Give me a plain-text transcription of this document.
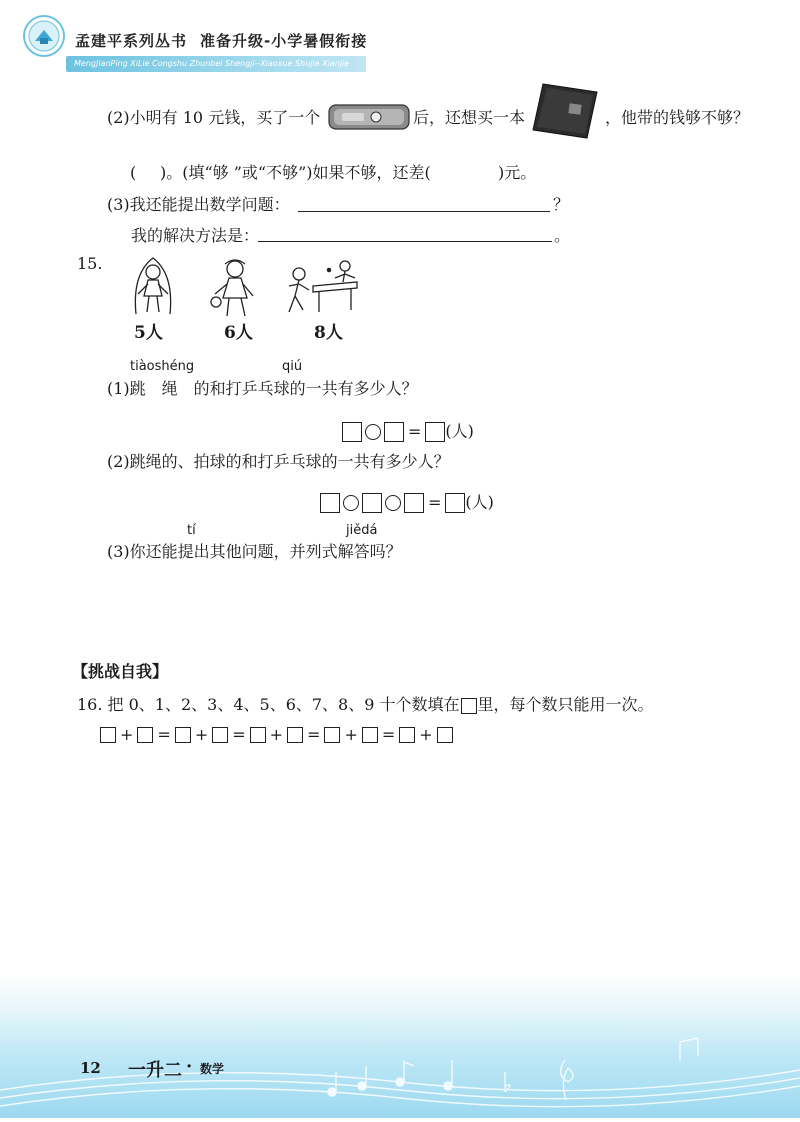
孟建平系列丛书 准备升级-小学暑假衔接
MengJianPing XiLie Congshu Zhunbei Shengji--Xiaoxue Shujia Xianjie
(2)小明有 10 元钱，买了一个	后，还想买一本	，他带的钱够不够？
( )。(填“够 ”或“不够”)如果不够，还差(	)元。
(3)我还能提出数学问题：	？
我的解决方法是：	。
15.
5人	6人	8人
tiàoshéng	qiú
(1)跳　绳　的和打乒乓球的一共有多少人？
= (人)
(2)跳绳的、拍球的和打乒乓球的一共有多少人？
= (人)
tí	jiědá
(3)你还能提出其他问题，并列式解答吗？
【挑战自我】
16. 把 0、1、2、3、4、5、6、7、8、9 十个数填在 里，每个数只能用一次。
+ = + = + = + = +
12 一升二 · 数学
